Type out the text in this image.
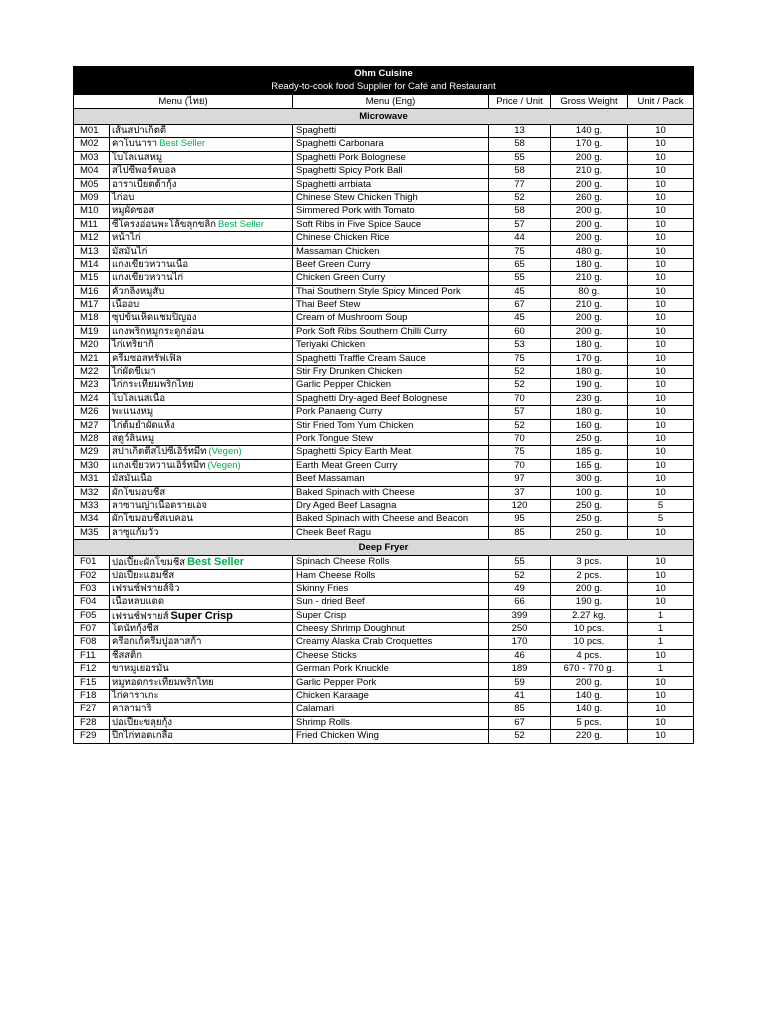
Ohm Cuisine
Ready-to-cook food Supplier for Café and Restaurant
Menu (ไทย)	Menu (Eng)	Price / Unit	Gross Weight	Unit / Pack
Microwave
M01	เส้นสปาเก็ตตี้	Spaghetti	13	140 g.	10
M02	คาโบนารา Best Seller	Spaghetti Carbonara	58	170 g.	10
M03	โบโลเนสหมู	Spaghetti Pork Bolognese	55	200 g.	10
M04	สไปซี่พอร์คบอล	Spaghetti Spicy Pork Ball	58	210 g.	10
M05	อาราเบียตต้ากุ้ง	Spaghetti arrbiata	77	200 g.	10
M09	ไก่อบ	Chinese Stew Chicken Thigh	52	260 g.	10
M10	หมูผัดซอส	Simmered Pork with Tomato	58	200 g.	10
M11	ซี่โครงอ่อนพะโล้ขลุกขลิก Best Seller	Soft Ribs in Five Spice Sauce	57	200 g.	10
M12	หน้าไก่	Chinese Chicken Rice	44	200 g.	10
M13	มัสมั่นไก่	Massaman Chicken	75	480 g.	10
M14	แกงเขียวหวานเนื้อ	Beef Green Curry	65	180 g.	10
M15	แกงเขียวหวานไก่	Chicken Green Curry	55	210 g.	10
M16	คั่วกลิ้งหมูสับ	Thai Southern Style Spicy Minced Pork	45	80 g.	10
M17	เนื้ออบ	Thai Beef Stew	67	210 g.	10
M18	ซุปข้นเห็ดแชมปิญอง	Cream of Mushroom Soup	45	200 g.	10
M19	แกงพริกหมูกระดูกอ่อน	Pork Soft Ribs Southern Chilli Curry	60	200 g.	10
M20	ไก่เทริยากิ	Teriyaki Chicken	53	180 g.	10
M21	ครีมซอสทรัฟเฟิล	Spaghetti Traffle Cream Sauce	75	170 g.	10
M22	ไก่ผัดขี้เมา	Stir Fry Drunken Chicken	52	180 g.	10
M23	ไก่กระเทียมพริกไทย	Garlic Pepper Chicken	52	190 g.	10
M24	โบโลเนสเนื้อ	Spaghetti Dry-aged Beef Bolognese	70	230 g.	10
M26	พะแนงหมู	Pork Panaeng Curry	57	180 g.	10
M27	ไก่ต้มยำผัดแห้ง	Stir Fried Tom Yum Chicken	52	160 g.	10
M28	สตูว์ลิ้นหมู	Pork Tongue Stew	70	250 g.	10
M29	สปาเก็ตตี้สไปซี่เอิร์ทมีท (Vegen)	Spaghetti Spicy Earth Meat	75	185 g.	10
M30	แกงเขียวหวานเอิร์ทมีท (Vegen)	Earth Meat Green Curry	70	165 g.	10
M31	มัสมั่นเนื้อ	Beef Massaman	97	300 g.	10
M32	ผักโขมอบชีส	Baked Spinach with Cheese	37	100 g.	10
M33	ลาซานญ่าเนื้อดรายเอจ	Dry Aged Beef Lasagna	120	250 g.	5
M34	ผักโขมอบชีสเบคอน	Baked Spinach with Cheese and Beacon	95	250 g.	5
M35	ลาซูแก้มวัว	Cheek Beef Ragu	85	250 g.	10
Deep Fryer
F01	ปอเปี๊ยะผักโขมชีส Best Seller	Spinach Cheese Rolls	55	3 pcs.	10
F02	ปอเปี๊ยะแฮมชีส	Ham Cheese Rolls	52	2 pcs.	10
F03	เฟรนช์ฟรายส์จิ๋ว	Skinny Fries	49	200 g.	10
F04	เนื้อหลบแดด	Sun - dried Beef	66	190 g.	10
F05	เฟรนช์ฟรายส์ Super Crisp	Super Crisp	399	2.27 kg.	1
F07	โดนัทกุ้งชีส	Cheesy Shrimp Doughnut	250	10 pcs.	1
F08	ครีอกเก้ครีมปูอลาสก้า	Creamy Alaska Crab Croquettes	170	10 pcs.	1
F11	ชีสสติ๊ก	Cheese Sticks	46	4 pcs.	10
F12	ขาหมูเยอรมัน	German Pork Knuckle	189	670 - 770 g.	1
F15	หมูทอดกระเทียมพริกไทย	Garlic Pepper Pork	59	200 g.	10
F18	ไก่คาราเกะ	Chicken Karaage	41	140 g.	10
F27	คาลามาริ	Calamari	85	140 g.	10
F28	ปอเปี๊ยะขลุยกุ้ง	Shrimp Rolls	67	5 pcs.	10
F29	ปีกไก่ทอดเกลือ	Fried Chicken Wing	52	220 g.	10
